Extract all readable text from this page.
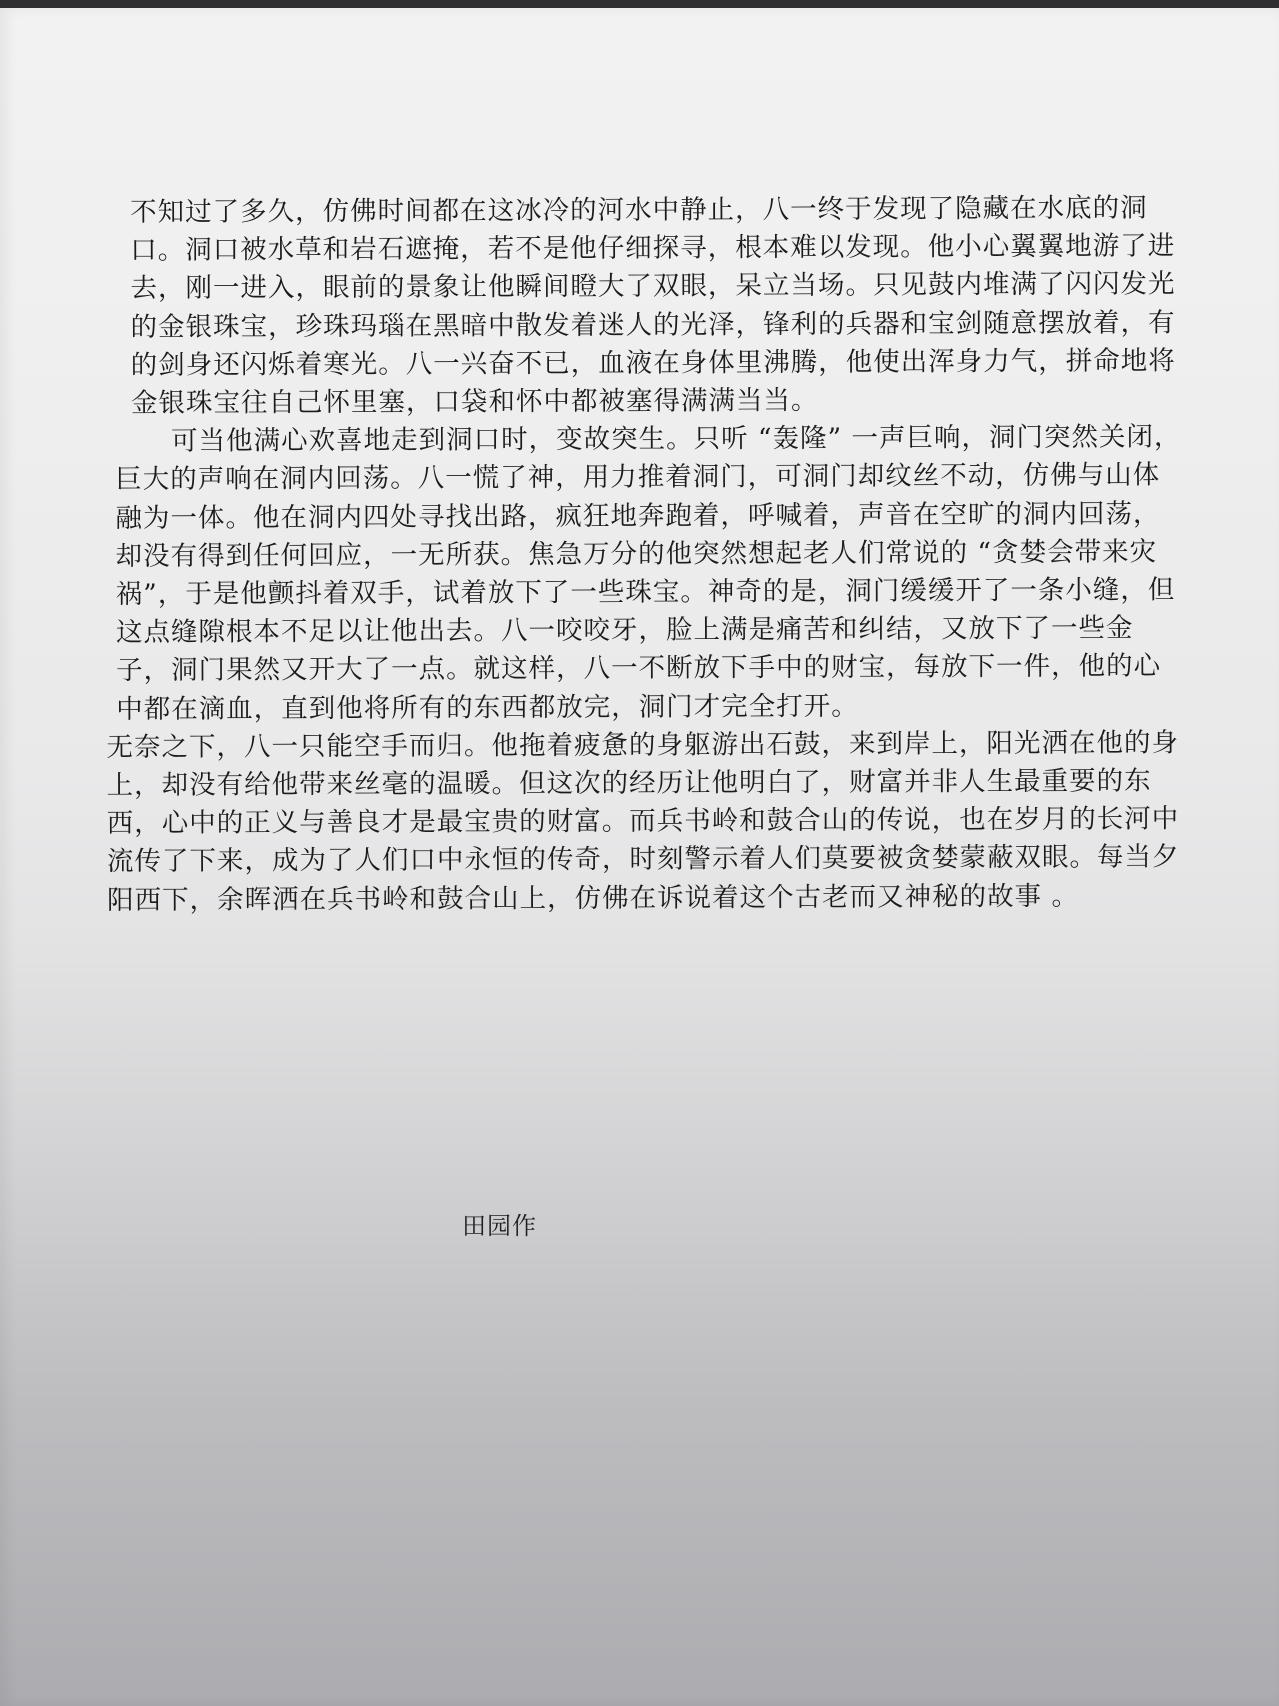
不知过了多久，仿佛时间都在这冰冷的河水中静止，八一终于发现了隐藏在水底的洞口。洞口被水草和岩石遮掩，若不是他仔细探寻，根本难以发现。他小心翼翼地游了进去，刚一进入，眼前的景象让他瞬间瞪大了双眼，呆立当场。只见鼓内堆满了闪闪发光的金银珠宝，珍珠玛瑙在黑暗中散发着迷人的光泽，锋利的兵器和宝剑随意摆放着，有的剑身还闪烁着寒光。八一兴奋不已，血液在身体里沸腾，他使出浑身力气，拼命地将金银珠宝往自己怀里塞，口袋和怀中都被塞得满满当当。

可当他满心欢喜地走到洞口时，变故突生。只听 “轰隆” 一声巨响，洞门突然关闭，巨大的声响在洞内回荡。八一慌了神，用力推着洞门，可洞门却纹丝不动，仿佛与山体融为一体。他在洞内四处寻找出路，疯狂地奔跑着，呼喊着，声音在空旷的洞内回荡，却没有得到任何回应，一无所获。焦急万分的他突然想起老人们常说的 “贪婪会带来灾祸”，于是他颤抖着双手，试着放下了一些珠宝。神奇的是，洞门缓缓开了一条小缝，但这点缝隙根本不足以让他出去。八一咬咬牙，脸上满是痛苦和纠结，又放下了一些金子，洞门果然又开大了一点。就这样，八一不断放下手中的财宝，每放下一件，他的心中都在滴血，直到他将所有的东西都放完，洞门才完全打开。

无奈之下，八一只能空手而归。他拖着疲惫的身躯游出石鼓，来到岸上，阳光洒在他的身上，却没有给他带来丝毫的温暖。但这次的经历让他明白了，财富并非人生最重要的东西，心中的正义与善良才是最宝贵的财富。而兵书岭和鼓合山的传说，也在岁月的长河中流传了下来，成为了人们口中永恒的传奇，时刻警示着人们莫要被贪婪蒙蔽双眼。每当夕阳西下，余晖洒在兵书岭和鼓合山上，仿佛在诉说着这个古老而又神秘的故事 。

田园作
